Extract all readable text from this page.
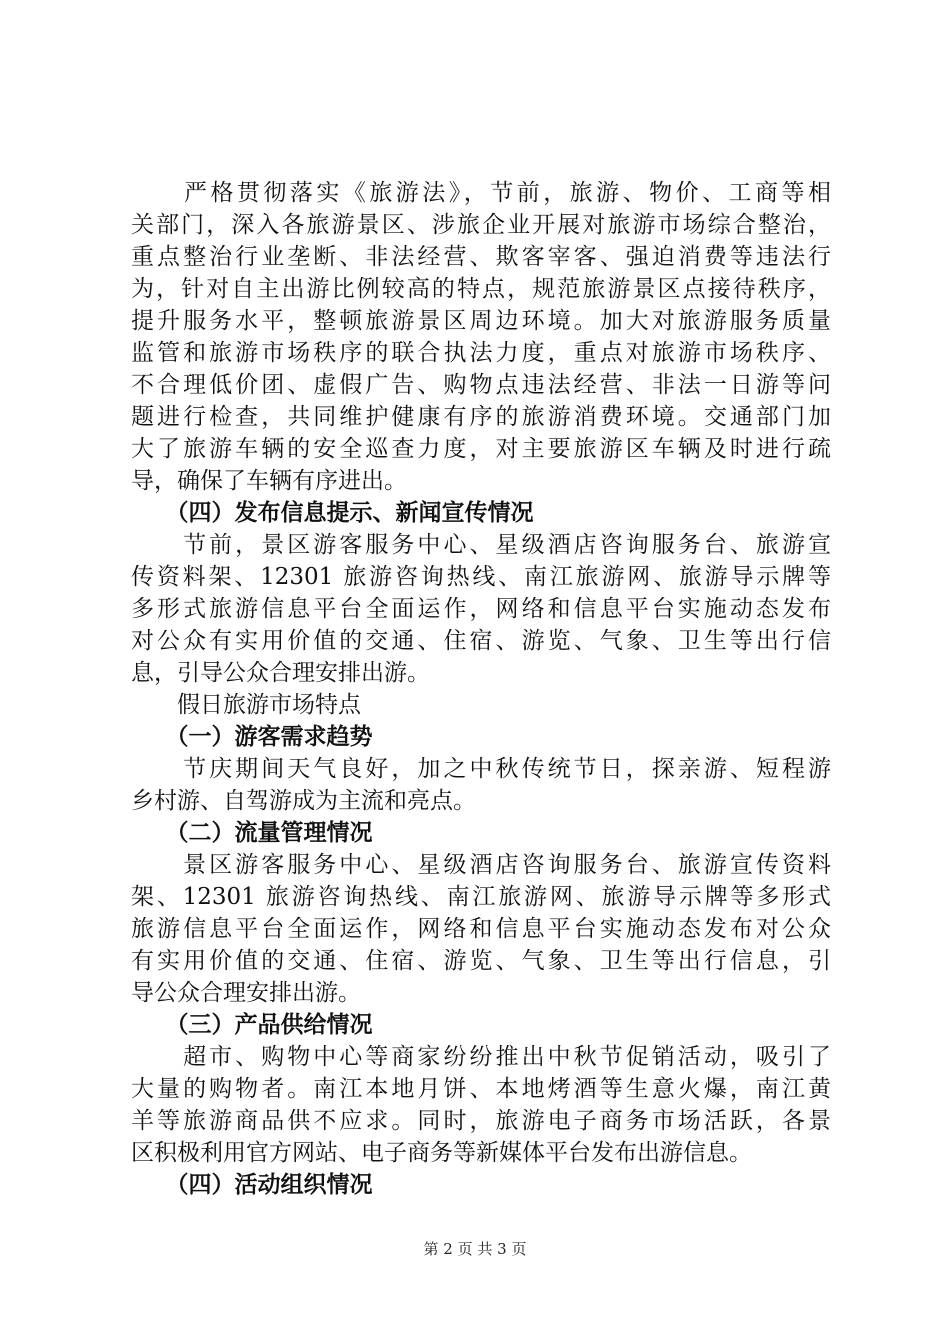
　　严格贯彻落实《旅游法》，节前，旅游、物价、工商等相
关部门，深入各旅游景区、涉旅企业开展对旅游市场综合整治，
重点整治行业垄断、非法经营、欺客宰客、强迫消费等违法行
为，针对自主出游比例较高的特点，规范旅游景区点接待秩序，
提升服务水平，整顿旅游景区周边环境。加大对旅游服务质量
监管和旅游市场秩序的联合执法力度，重点对旅游市场秩序、
不合理低价团、虚假广告、购物点违法经营、非法一日游等问
题进行检查，共同维护健康有序的旅游消费环境。交通部门加
大了旅游车辆的安全巡查力度，对主要旅游区车辆及时进行疏
导，确保了车辆有序进出。
　　（四）发布信息提示、新闻宣传情况
　　节前，景区游客服务中心、星级酒店咨询服务台、旅游宣
传资料架、12301 旅游咨询热线、南江旅游网、旅游导示牌等
多形式旅游信息平台全面运作，网络和信息平台实施动态发布
对公众有实用价值的交通、住宿、游览、气象、卫生等出行信
息，引导公众合理安排出游。
　　假日旅游市场特点
　　（一）游客需求趋势
　　节庆期间天气良好，加之中秋传统节日，探亲游、短程游
乡村游、自驾游成为主流和亮点。
　　（二）流量管理情况
　　景区游客服务中心、星级酒店咨询服务台、旅游宣传资料
架、12301 旅游咨询热线、南江旅游网、旅游导示牌等多形式
旅游信息平台全面运作，网络和信息平台实施动态发布对公众
有实用价值的交通、住宿、游览、气象、卫生等出行信息，引
导公众合理安排出游。
　　（三）产品供给情况
　　超市、购物中心等商家纷纷推出中秋节促销活动，吸引了
大量的购物者。南江本地月饼、本地烤酒等生意火爆，南江黄
羊等旅游商品供不应求。同时，旅游电子商务市场活跃，各景
区积极利用官方网站、电子商务等新媒体平台发布出游信息。
　　（四）活动组织情况
第 2 页 共 3 页
